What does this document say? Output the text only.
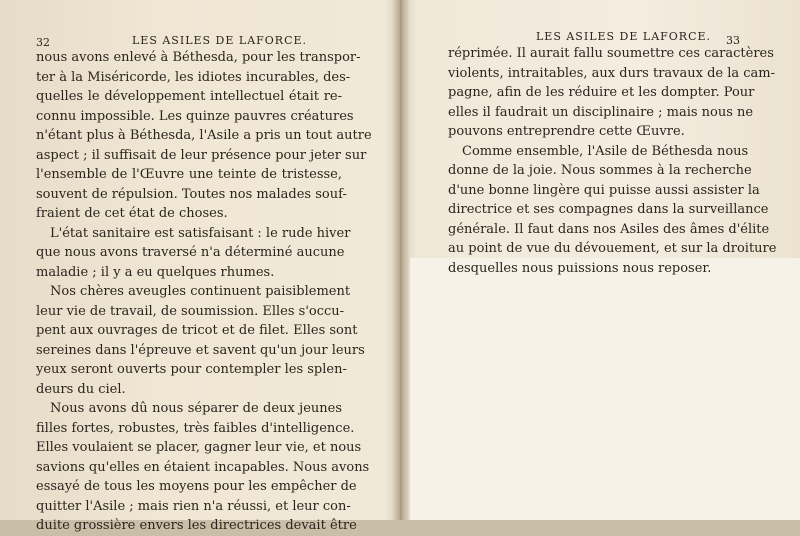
32	LES ASILES DE LAFORCE.
nous avons enlevé à Béthesda, pour les transpor-
ter à la Miséricorde, les idiotes incurables, des-
quelles le développement intellectuel était re-
connu impossible. Les quinze pauvres créatures
n'étant plus à Béthesda, l'Asile a pris un tout autre
aspect ; il suffisait de leur présence pour jeter sur
l'ensemble de l'Œuvre une teinte de tristesse,
souvent de répulsion. Toutes nos malades souf-
fraient de cet état de choses.
L'état sanitaire est satisfaisant : le rude hiver
que nous avons traversé n'a déterminé aucune
maladie ; il y a eu quelques rhumes.
Nos chères aveugles continuent paisiblement
leur vie de travail, de soumission. Elles s'occu-
pent aux ouvrages de tricot et de filet. Elles sont
sereines dans l'épreuve et savent qu'un jour leurs
yeux seront ouverts pour contempler les splen-
deurs du ciel.
Nous avons dû nous séparer de deux jeunes
filles fortes, robustes, très faibles d'intelligence.
Elles voulaient se placer, gagner leur vie, et nous
savions qu'elles en étaient incapables. Nous avons
essayé de tous les moyens pour les empêcher de
quitter l'Asile ; mais rien n'a réussi, et leur con-
duite grossière envers les directrices devait être
LES ASILES DE LAFORCE. 33
réprimée. Il aurait fallu soumettre ces caractères
violents, intraitables, aux durs travaux de la cam-
pagne, afin de les réduire et les dompter. Pour
elles il faudrait un disciplinaire ; mais nous ne
pouvons entreprendre cette Œuvre.
Comme ensemble, l'Asile de Béthesda nous
donne de la joie. Nous sommes à la recherche
d'une bonne lingère qui puisse aussi assister la
directrice et ses compagnes dans la surveillance
générale. Il faut dans nos Asiles des âmes d'élite
au point de vue du dévouement, et sur la droiture
desquelles nous puissions nous reposer.
